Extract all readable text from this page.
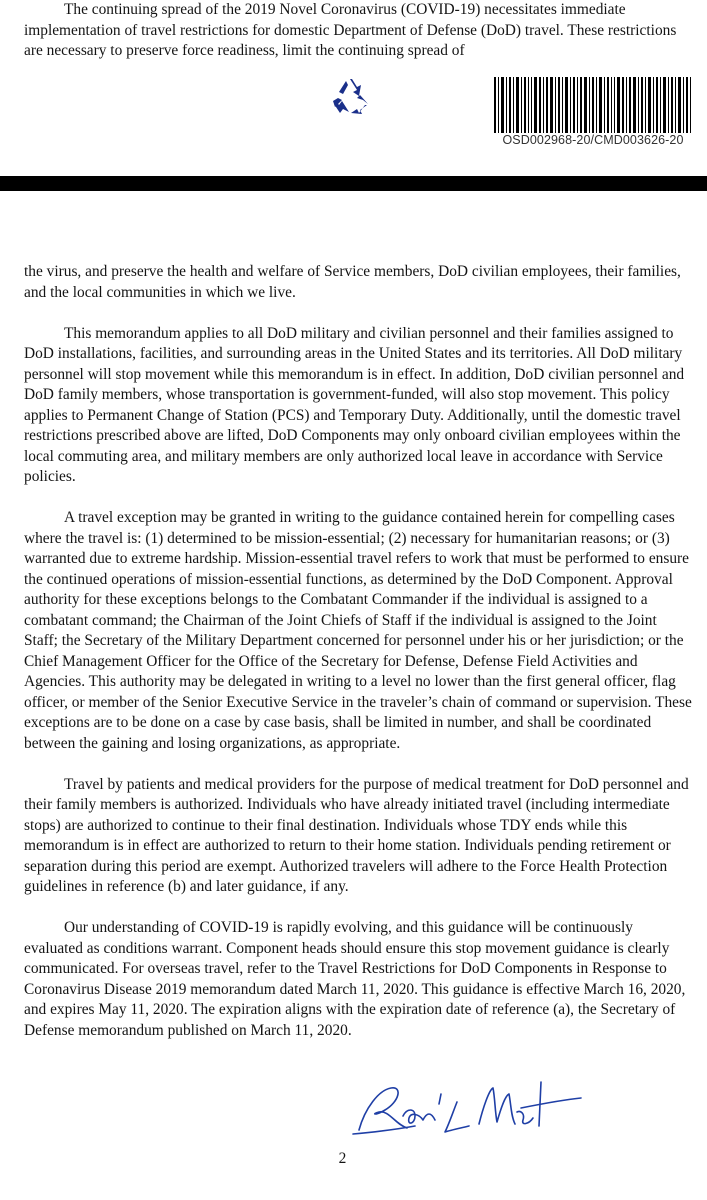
The continuing spread of the 2019 Novel Coronavirus (COVID-19) necessitates immediate implementation of travel restrictions for domestic Department of Defense (DoD) travel. These restrictions are necessary to preserve force readiness, limit the continuing spread of
OSD002968-20/CMD003626-20

the virus, and preserve the health and welfare of Service members, DoD civilian employees, their families, and the local communities in which we live.

This memorandum applies to all DoD military and civilian personnel and their families assigned to DoD installations, facilities, and surrounding areas in the United States and its territories. All DoD military personnel will stop movement while this memorandum is in effect. In addition, DoD civilian personnel and DoD family members, whose transportation is government-funded, will also stop movement. This policy applies to Permanent Change of Station (PCS) and Temporary Duty. Additionally, until the domestic travel restrictions prescribed above are lifted, DoD Components may only onboard civilian employees within the local commuting area, and military members are only authorized local leave in accordance with Service policies.

A travel exception may be granted in writing to the guidance contained herein for compelling cases where the travel is: (1) determined to be mission-essential; (2) necessary for humanitarian reasons; or (3) warranted due to extreme hardship. Mission-essential travel refers to work that must be performed to ensure the continued operations of mission-essential functions, as determined by the DoD Component. Approval authority for these exceptions belongs to the Combatant Commander if the individual is assigned to a combatant command; the Chairman of the Joint Chiefs of Staff if the individual is assigned to the Joint Staff; the Secretary of the Military Department concerned for personnel under his or her jurisdiction; or the Chief Management Officer for the Office of the Secretary for Defense, Defense Field Activities and Agencies. This authority may be delegated in writing to a level no lower than the first general officer, flag officer, or member of the Senior Executive Service in the traveler’s chain of command or supervision. These exceptions are to be done on a case by case basis, shall be limited in number, and shall be coordinated between the gaining and losing organizations, as appropriate.

Travel by patients and medical providers for the purpose of medical treatment for DoD personnel and their family members is authorized. Individuals who have already initiated travel (including intermediate stops) are authorized to continue to their final destination. Individuals whose TDY ends while this memorandum is in effect are authorized to return to their home station. Individuals pending retirement or separation during this period are exempt. Authorized travelers will adhere to the Force Health Protection guidelines in reference (b) and later guidance, if any.

Our understanding of COVID-19 is rapidly evolving, and this guidance will be continuously evaluated as conditions warrant. Component heads should ensure this stop movement guidance is clearly communicated. For overseas travel, refer to the Travel Restrictions for DoD Components in Response to Coronavirus Disease 2019 memorandum dated March 11, 2020. This guidance is effective March 16, 2020, and expires May 11, 2020. The expiration aligns with the expiration date of reference (a), the Secretary of Defense memorandum published on March 11, 2020.

2
